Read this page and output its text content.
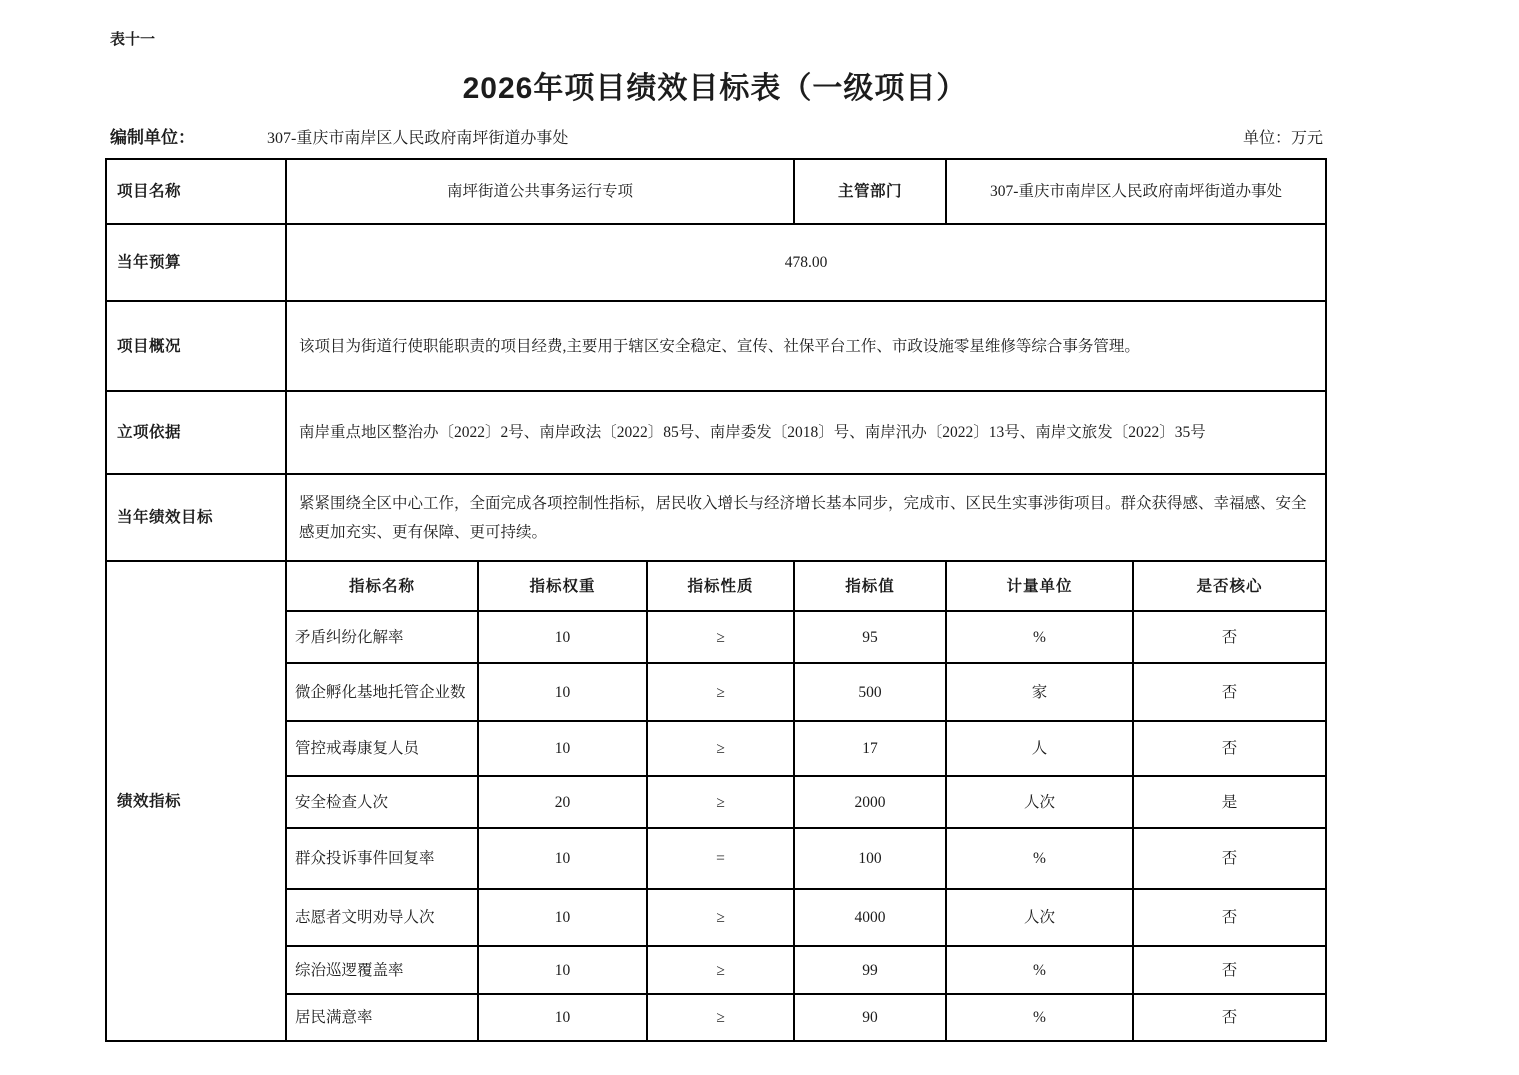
表十一
2026年项目绩效目标表（一级项目）
编制单位：	307-重庆市南岸区人民政府南坪街道办事处	单位：万元
项目名称	南坪街道公共事务运行专项			主管部门	307-重庆市南岸区人民政府南坪街道办事处	
当年预算	478.00					
项目概况	该项目为街道行使职能职责的项目经费,主要用于辖区安全稳定、宣传、社保平台工作、市政设施零星维修等综合事务管理。					
立项依据	南岸重点地区整治办〔2022〕2号、南岸政法〔2022〕85号、南岸委发〔2018〕号、南岸汛办〔2022〕13号、南岸文旅发〔2022〕35号					
当年绩效目标	紧紧围绕全区中心工作，全面完成各项控制性指标，居民收入增长与经济增长基本同步，完成市、区民生实事涉街项目。群众获得感、幸福感、安全感更加充实、更有保障、更可持续。					
绩效指标	指标名称	指标权重	指标性质	指标值	计量单位	是否核心
	矛盾纠纷化解率	10	≥	95	%	否
	微企孵化基地托管企业数	10	≥	500	家	否
	管控戒毒康复人员	10	≥	17	人	否
	安全检查人次	20	≥	2000	人次	是
	群众投诉事件回复率	10	=	100	%	否
	志愿者文明劝导人次	10	≥	4000	人次	否
	综治巡逻覆盖率	10	≥	99	%	否
	居民满意率	10	≥	90	%	否
